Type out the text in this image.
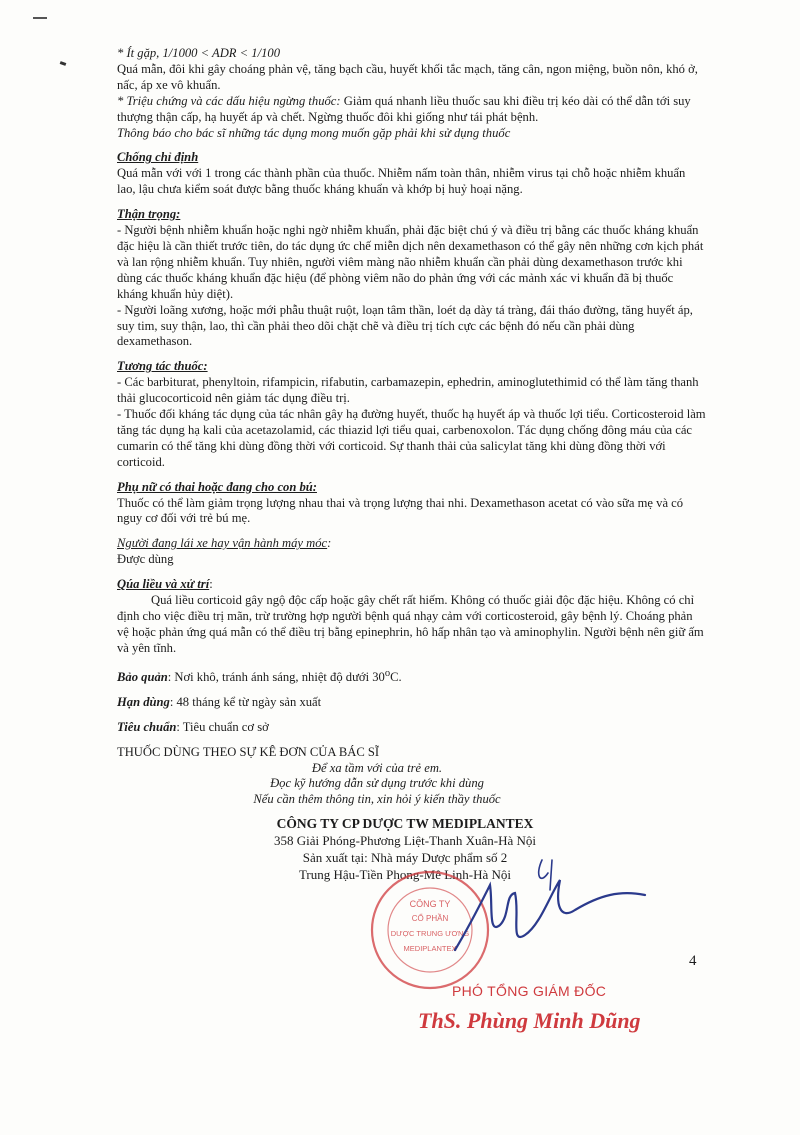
* Ít gặp, 1/1000 < ADR < 1/100

Quá mẫn, đôi khi gây choáng phản vệ, tăng bạch cầu, huyết khối tắc mạch, tăng cân, ngon miệng, buồn nôn, khó ở, nấc, áp xe vô khuẩn.

* Triệu chứng và các dấu hiệu ngừng thuốc: Giảm quá nhanh liều thuốc sau khi điều trị kéo dài có thể dẫn tới suy thượng thận cấp, hạ huyết áp và chết. Ngừng thuốc đôi khi giống như tái phát bệnh.

Thông báo cho bác sĩ những tác dụng mong muốn gặp phải khi sử dụng thuốc

Chống chỉ định

Quá mẫn với với 1 trong các thành phần của thuốc. Nhiễm nấm toàn thân, nhiễm virus tại chỗ hoặc nhiễm khuẩn lao, lậu chưa kiểm soát được bằng thuốc kháng khuẩn và khớp bị huỷ hoại nặng.

Thận trọng:

- Người bệnh nhiễm khuẩn hoặc nghi ngờ nhiễm khuẩn, phải đặc biệt chú ý và điều trị bằng các thuốc kháng khuẩn đặc hiệu là cần thiết trước tiên, do tác dụng ức chế miễn dịch nên dexamethason có thể gây nên những cơn kịch phát và lan rộng nhiễm khuẩn. Tuy nhiên, người viêm màng não nhiễm khuẩn cần phải dùng dexamethason trước khi dùng các thuốc kháng khuẩn đặc hiệu (để phòng viêm não do phản ứng với các mảnh xác vi khuẩn đã bị thuốc kháng khuẩn hủy diệt).

- Người loãng xương, hoặc mới phẫu thuật ruột, loạn tâm thần, loét dạ dày tá tràng, đái tháo đường, tăng huyết áp, suy tim, suy thận, lao, thì cần phải theo dõi chặt chẽ và điều trị tích cực các bệnh đó nếu cần phải dùng dexamethason.

Tương tác thuốc:

- Các barbiturat, phenyltoin, rifampicin, rifabutin, carbamazepin, ephedrin, aminoglutethimid có thể làm tăng thanh thải glucocorticoid nên giảm tác dụng điều trị.

- Thuốc đối kháng tác dụng của tác nhân gây hạ đường huyết, thuốc hạ huyết áp và thuốc lợi tiểu. Corticosteroid làm tăng tác dụng hạ kali của acetazolamid, các thiazid lợi tiểu quai, carbenoxolon. Tác dụng chống đông máu của các cumarin có thể tăng khi dùng đồng thời với corticoid. Sự thanh thải của salicylat tăng khi dùng đồng thời với corticoid.

Phụ nữ có thai hoặc đang cho con bú:

Thuốc có thể làm giảm trọng lượng nhau thai và trọng lượng thai nhi. Dexamethason acetat có vào sữa mẹ và có nguy cơ đối với trẻ bú mẹ.

Người đang lái xe hay vận hành máy móc:

Được dùng

Qúa liều và xử trí:

Quá liều corticoid gây ngộ độc cấp hoặc gây chết rất hiếm. Không có thuốc giải độc đặc hiệu. Không có chỉ định cho việc điều trị mãn, trừ trường hợp người bệnh quá nhạy cảm với corticosteroid, gây bệnh lý. Choáng phản vệ hoặc phản ứng quá mẫn có thể điều trị bằng epinephrin, hô hấp nhân tạo và aminophylin. Người bệnh nên giữ ấm và yên tĩnh.

Bảo quản: Nơi khô, tránh ánh sáng, nhiệt độ dưới 30$^o$C.

Hạn dùng: 48 tháng kể từ ngày sản xuất

Tiêu chuẩn: Tiêu chuẩn cơ sở

THUỐC DÙNG THEO SỰ KÊ ĐƠN CỦA BÁC SĨ

Để xa tầm với của trẻ em.

Đọc kỹ hướng dẫn sử dụng trước khi dùng

Nếu cần thêm thông tin, xin hỏi ý kiến thầy thuốc

CÔNG TY CP DƯỢC TW MEDIPLANTEX
358 Giải Phóng-Phương Liệt-Thanh Xuân-Hà Nội
Sản xuất tại: Nhà máy Dược phẩm số 2
Trung Hậu-Tiền Phong-Mê Linh-Hà Nội
4
CÔNG TY
CỔ PHẦN
DƯỢC TRUNG ƯƠNG
MEDIPLANTEX
PHÓ TỔNG GIÁM ĐỐC
ThS. Phùng Minh Dũng
